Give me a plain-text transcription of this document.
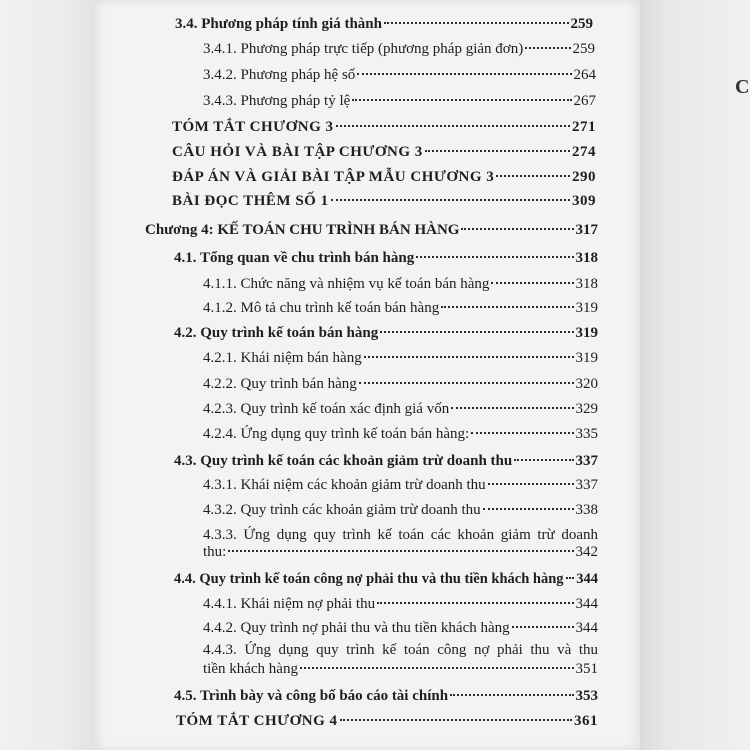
C
3.4. Phương pháp tính giá thành	259
3.4.1. Phương pháp trực tiếp (phương pháp giản đơn)	259
3.4.2. Phương pháp hệ số	264
3.4.3. Phương pháp tỷ lệ	267
TÓM TẮT CHƯƠNG 3	271
CÂU HỎI VÀ BÀI TẬP CHƯƠNG 3	274
ĐÁP ÁN VÀ GIẢI BÀI TẬP MẪU CHƯƠNG 3	290
BÀI ĐỌC THÊM SỐ 1	309
Chương 4: KẾ TOÁN CHU TRÌNH BÁN HÀNG	317
4.1. Tổng quan về chu trình bán hàng	318
4.1.1. Chức năng và nhiệm vụ kế toán bán hàng	318
4.1.2. Mô tả chu trình kế toán bán hàng	319
4.2. Quy trình kế toán bán hàng	319
4.2.1. Khái niệm bán hàng	319
4.2.2. Quy trình bán hàng	320
4.2.3. Quy trình kế toán xác định giá vốn	329
4.2.4. Ứng dụng quy trình kế toán bán hàng:	335
4.3. Quy trình kế toán các khoản giảm trừ doanh thu	337
4.3.1. Khái niệm các khoản giảm trừ doanh thu	337
4.3.2. Quy trình các khoản giảm trừ doanh thu	338
4.3.3. Ứng dụng quy trình kế toán các khoản giảm trừ doanh
thu:	342
4.4. Quy trình kế toán công nợ phải thu và thu tiền khách hàng 344
4.4.1. Khái niệm nợ phải thu	344
4.4.2. Quy trình nợ phải thu và thu tiền khách hàng	344
4.4.3. Ứng dụng quy trình kế toán công nợ phải thu và thu
tiền khách hàng	351
4.5. Trình bày và công bố báo cáo tài chính	353
TÓM TẮT CHƯƠNG 4	361
